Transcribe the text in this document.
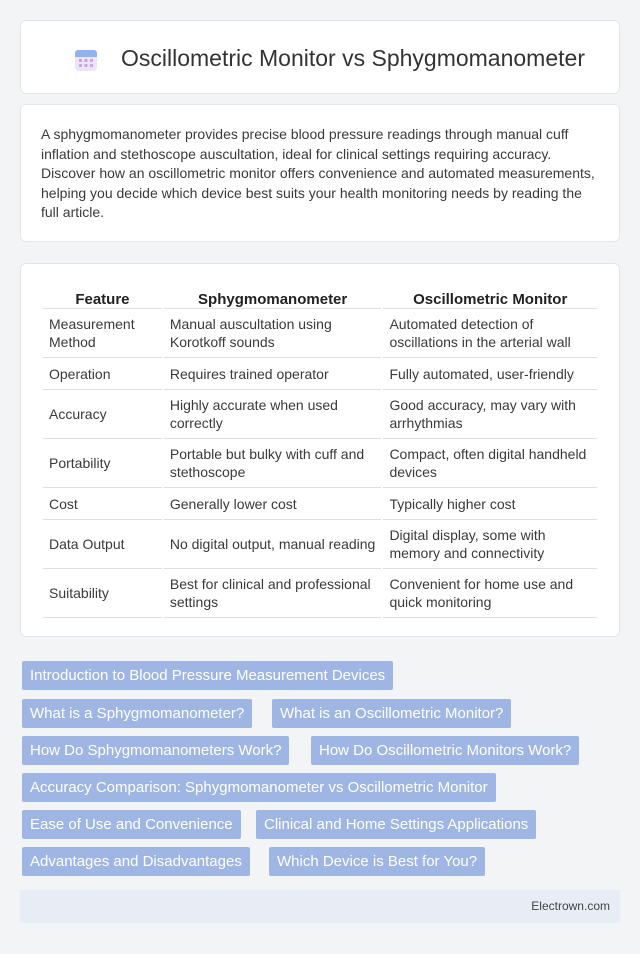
Oscillometric Monitor vs Sphygmomanometer

A sphygmomanometer provides precise blood pressure readings through manual cuff inflation and stethoscope auscultation, ideal for clinical settings requiring accuracy. Discover how an oscillometric monitor offers convenience and automated measurements, helping you decide which device best suits your health monitoring needs by reading the full article.

Feature	Sphygmomanometer	Oscillometric Monitor
Measurement Method	Manual auscultation using Korotkoff sounds	Automated detection of oscillations in the arterial wall
Operation	Requires trained operator	Fully automated, user-friendly
Accuracy	Highly accurate when used correctly	Good accuracy, may vary with arrhythmias
Portability	Portable but bulky with cuff and stethoscope	Compact, often digital handheld devices
Cost	Generally lower cost	Typically higher cost
Data Output	No digital output, manual reading	Digital display, some with memory and connectivity
Suitability	Best for clinical and professional settings	Convenient for home use and quick monitoring
Introduction to Blood Pressure Measurement Devices
What is a Sphygmomanometer?	What is an Oscillometric Monitor?
How Do Sphygmomanometers Work?	How Do Oscillometric Monitors Work?
Accuracy Comparison: Sphygmomanometer vs Oscillometric Monitor
Ease of Use and Convenience	Clinical and Home Settings Applications
Advantages and Disadvantages	Which Device is Best for You?
Electrown.com
